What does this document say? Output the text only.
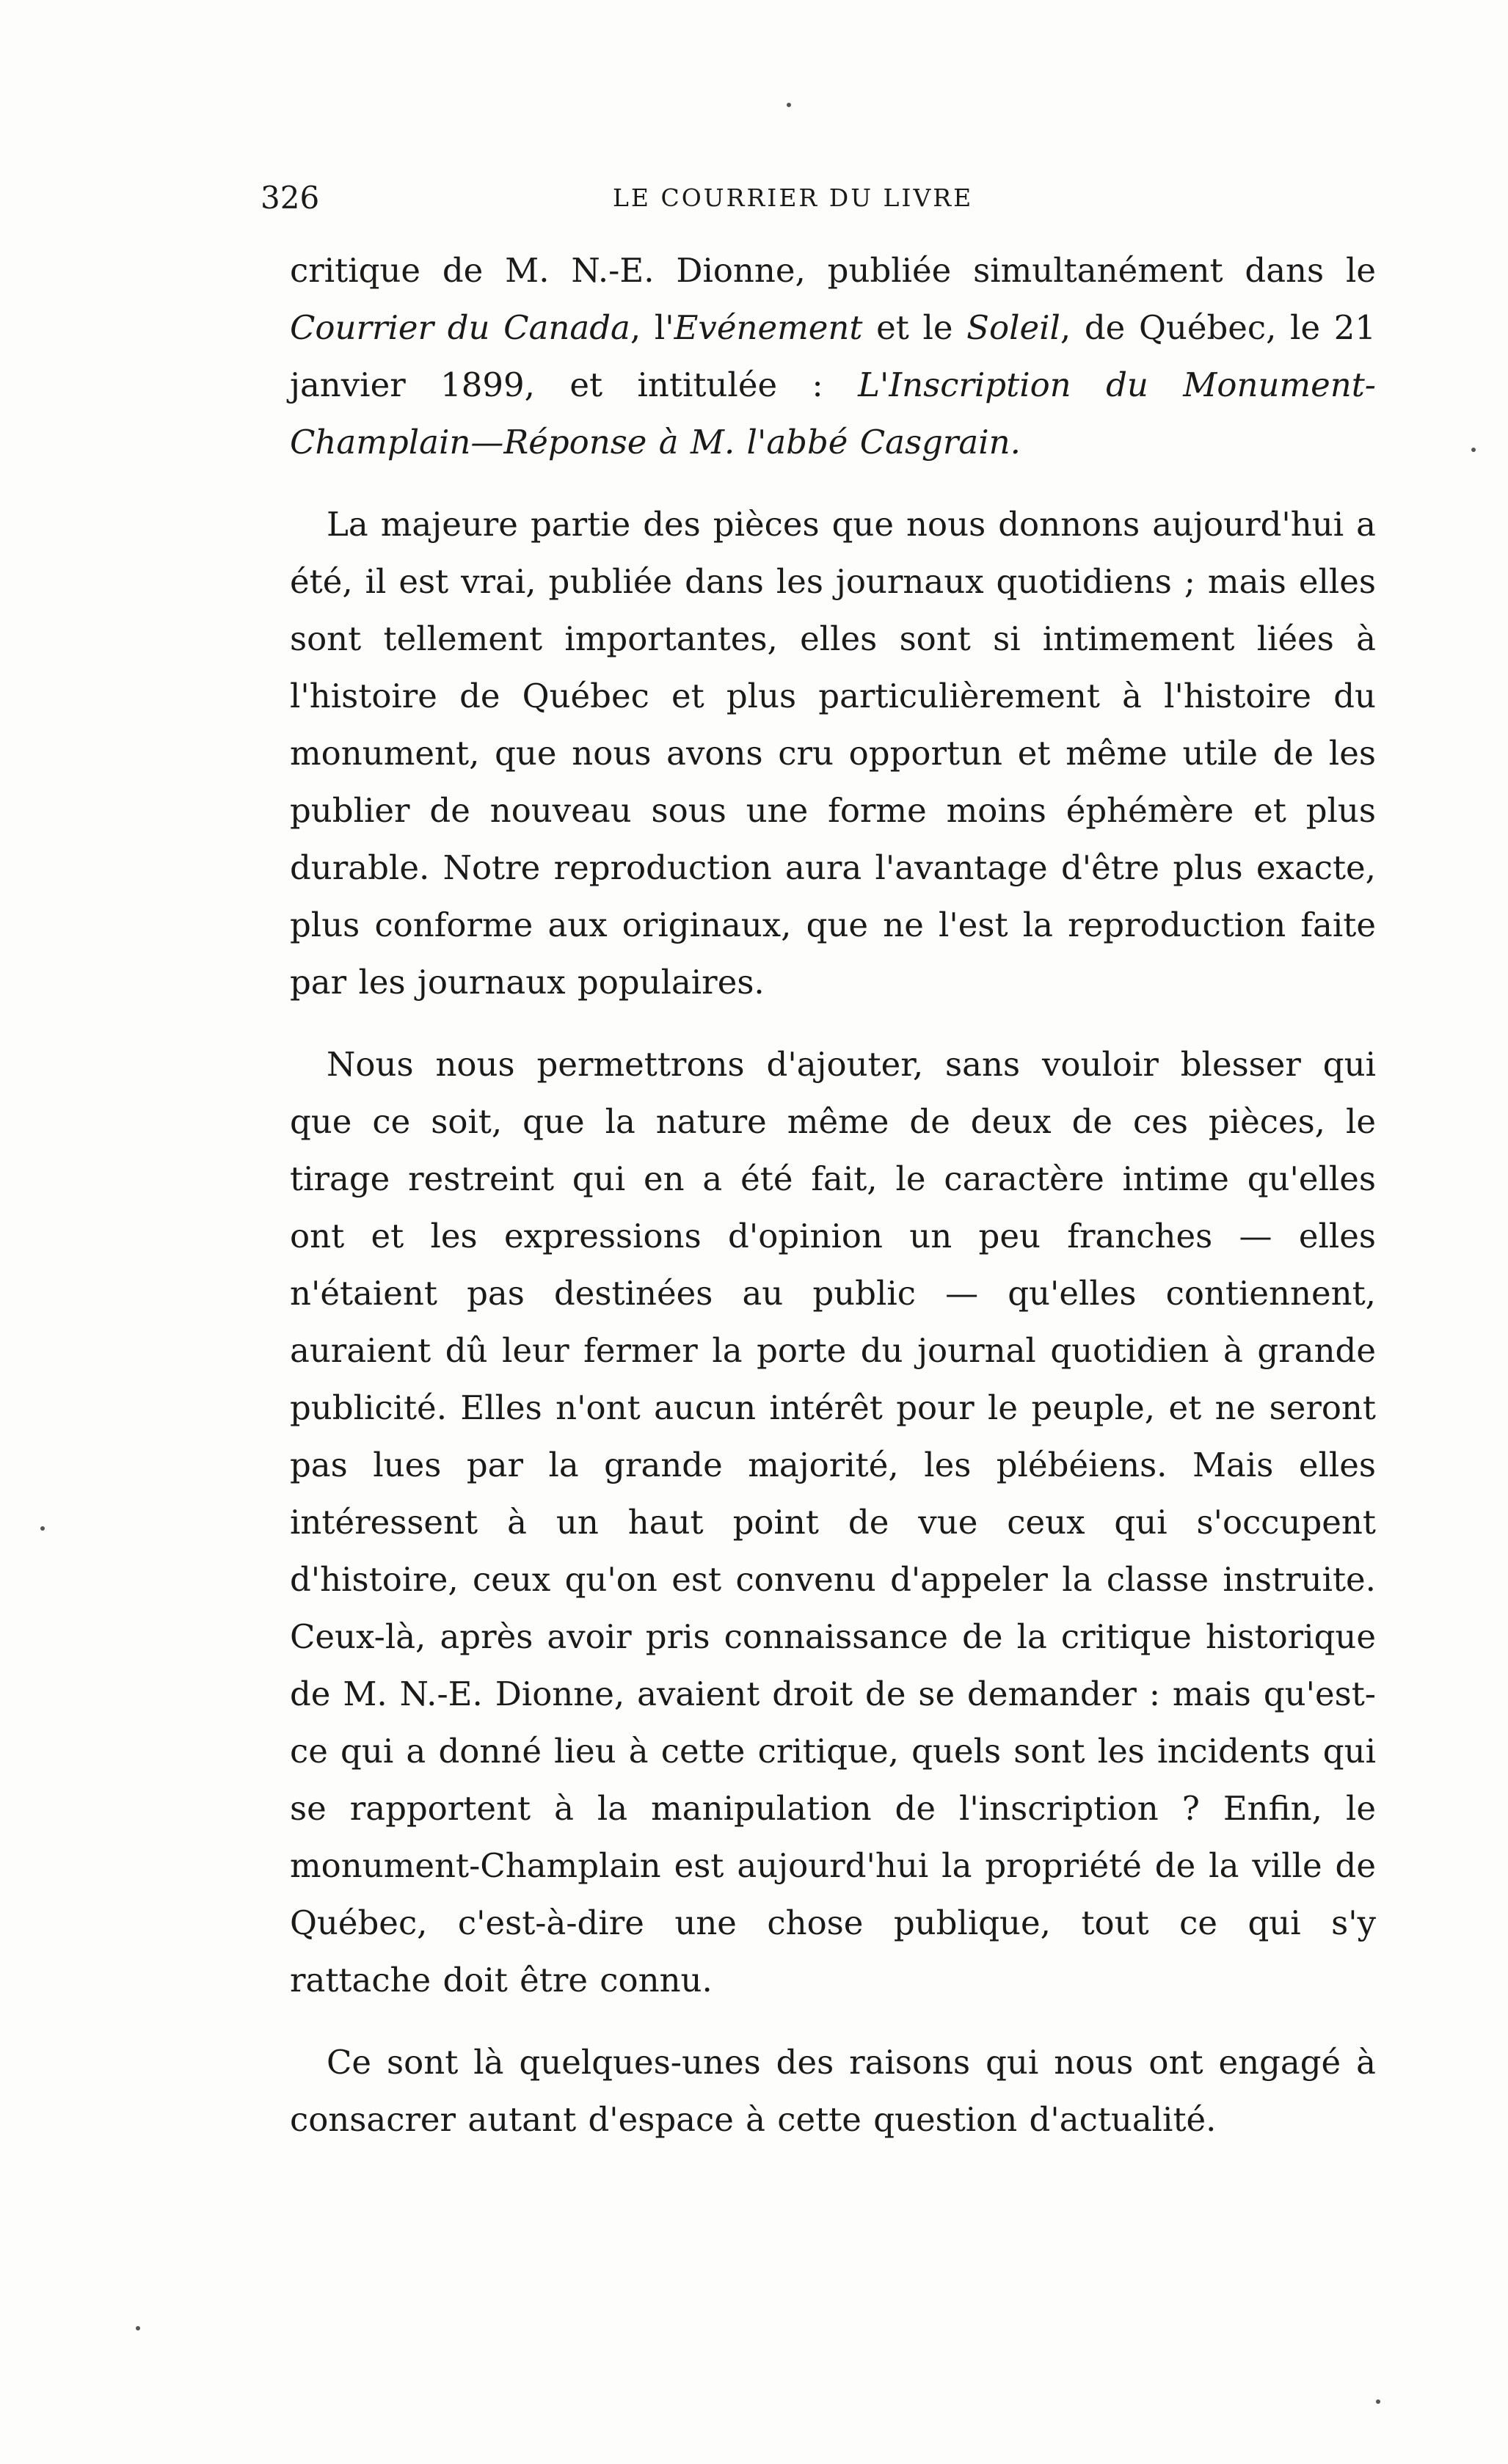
326	LE COURRIER DU LIVRE

critique de M. N.-E. Dionne, publiée simultanément dans le Courrier du Canada, l'Evénement et le Soleil, de Québec, le 21 janvier 1899, et intitulée : L'Inscription du Monument-Champlain—Réponse à M. l'abbé Casgrain.

La majeure partie des pièces que nous donnons aujourd'hui a été, il est vrai, publiée dans les journaux quotidiens ; mais elles sont tellement importantes, elles sont si intimement liées à l'histoire de Québec et plus particulièrement à l'histoire du monument, que nous avons cru opportun et même utile de les publier de nouveau sous une forme moins éphémère et plus durable. Notre reproduction aura l'avantage d'être plus exacte, plus conforme aux originaux, que ne l'est la reproduction faite par les journaux populaires.

Nous nous permettrons d'ajouter, sans vouloir blesser qui que ce soit, que la nature même de deux de ces pièces, le tirage restreint qui en a été fait, le caractère intime qu'elles ont et les expressions d'opinion un peu franches — elles n'étaient pas destinées au public — qu'elles contiennent, auraient dû leur fermer la porte du journal quotidien à grande publicité. Elles n'ont aucun intérêt pour le peuple, et ne seront pas lues par la grande majorité, les plébéiens. Mais elles intéressent à un haut point de vue ceux qui s'occupent d'histoire, ceux qu'on est convenu d'appeler la classe instruite. Ceux-là, après avoir pris connaissance de la critique historique de M. N.-E. Dionne, avaient droit de se demander : mais qu'est-ce qui a donné lieu à cette critique, quels sont les incidents qui se rapportent à la manipulation de l'inscription ? Enfin, le monument-Champlain est aujourd'hui la propriété de la ville de Québec, c'est-à-dire une chose publique, tout ce qui s'y rattache doit être connu.

Ce sont là quelques-unes des raisons qui nous ont engagé à consacrer autant d'espace à cette question d'actualité.
